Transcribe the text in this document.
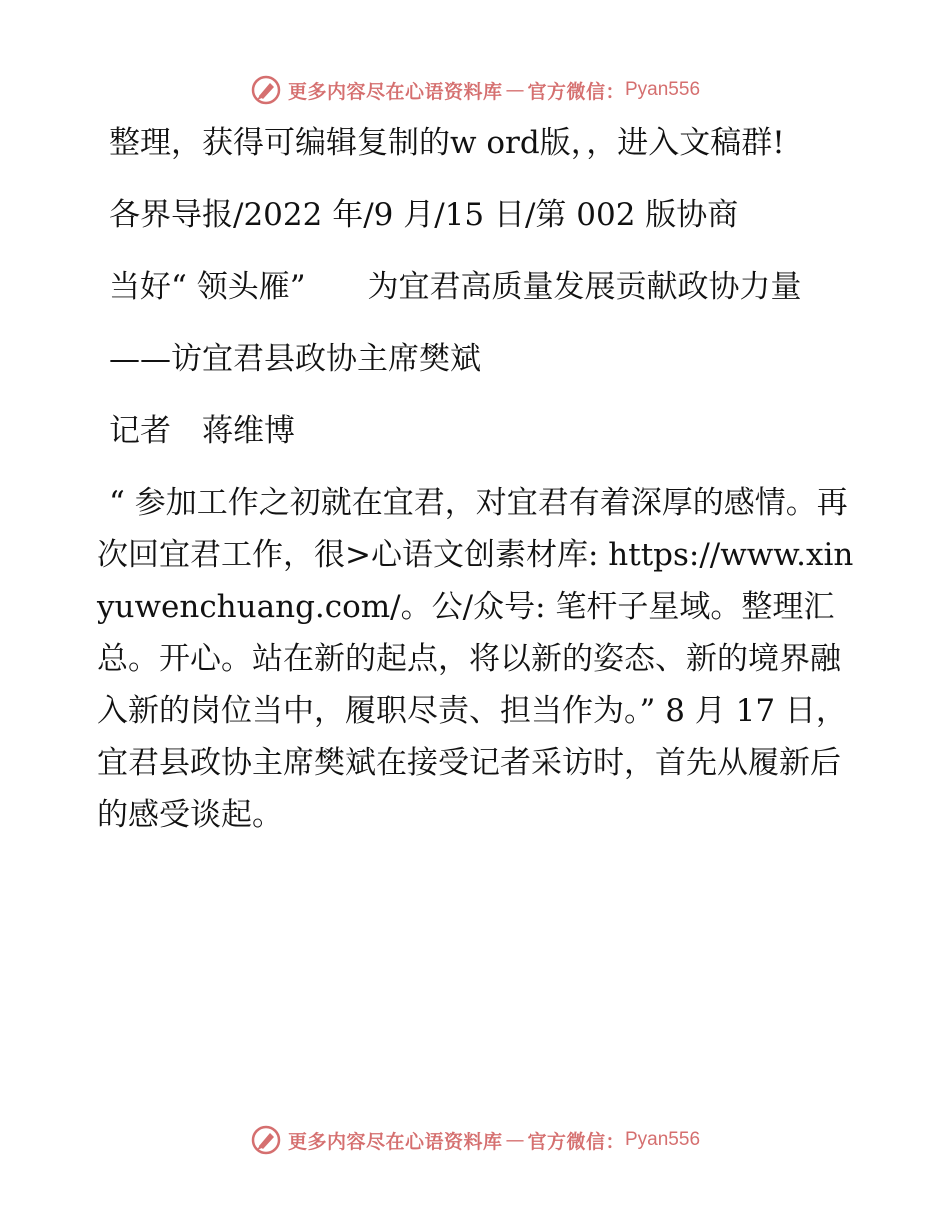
更多内容尽在心语资料库 — 官方微信： Pyan556

整理，获得可编辑复制的w ord版，，进入文稿群!

各界导报/2022 年/9 月/15 日/第 002 版协商

当好“ 领头雁”　　为宜君高质量发展贡献政协力量

——访宜君县政协主席樊斌

记者　蒋维博

“ 参加工作之初就在宜君，对宜君有着深厚的感情。再次回宜君工作，很>心语文创素材库: https://www.xinyuwenchuang.com/。公/众号: 笔杆子星域。整理汇总。开心。站在新的起点，将以新的姿态、新的境界融入新的岗位当中，履职尽责、担当作为。” 8 月 17 日，宜君县政协主席樊斌在接受记者采访时，首先从履新后的感受谈起。

更多内容尽在心语资料库 — 官方微信： Pyan556
